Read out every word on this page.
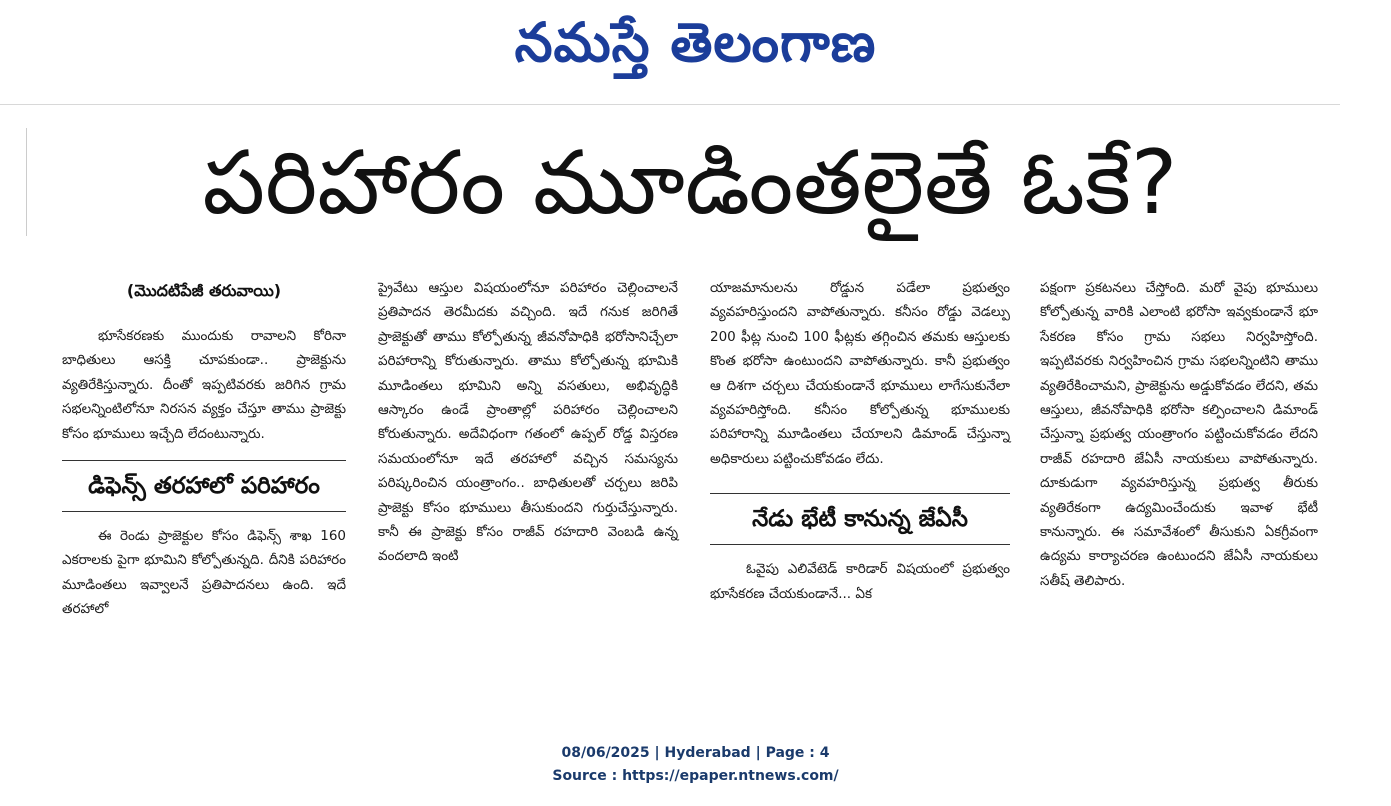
నమస్తే తెలంగాణ
పరిహారం మూడింతలైతే ఓకే?
(మొదటిపేజీ తరువాయి)

భూసేకరణకు ముందుకు రావాలని కోరినా బాధితులు ఆసక్తి చూపకుండా.. ప్రాజెక్టును వ్యతిరేకిస్తున్నారు. దీంతో ఇప్పటివరకు జరిగిన గ్రామ సభలన్నింటిలోనూ నిరసన వ్యక్తం చేస్తూ తాము ప్రాజెక్టు కోసం భూములు ఇచ్చేది లేదంటున్నారు.

డిఫెన్స్ తరహాలో పరిహారం

ఈ రెండు ప్రాజెక్టుల కోసం డిఫెన్స్ శాఖ 160 ఎకరాలకు పైగా భూమిని కోల్పోతున్నది. దీనికి పరిహారం మూడింతలు ఇవ్వాలనే ప్రతిపాదనలు ఉంది. ఇదే తరహాలో

ప్రైవేటు ఆస్తుల విషయంలోనూ పరిహారం చెల్లించాలనే ప్రతిపాదన తెరమీదకు వచ్చింది. ఇదే గనుక జరిగితే ప్రాజెక్టుతో తాము కోల్పోతున్న జీవనోపాధికి భరోసానిచ్చేలా పరిహారాన్ని కోరుతున్నారు. తాము కోల్పోతున్న భూమికి మూడింతలు భూమిని అన్ని వసతులు, అభివృద్ధికి ఆస్కారం ఉండే ప్రాంతాల్లో పరిహారం చెల్లించాలని కోరుతున్నారు. అదేవిధంగా గతంలో ఉప్పల్ రోడ్డ విస్తరణ సమయంలోనూ ఇదే తరహాలో వచ్చిన సమస్యను పరిష్కరించిన యంత్రాంగం.. బాధితులతో చర్చలు జరిపి ప్రాజెక్టు కోసం భూములు తీసుకుందని గుర్తుచేస్తున్నారు. కానీ ఈ ప్రాజెక్టు కోసం రాజీవ్ రహదారి వెంబడి ఉన్న వందలాది ఇంటి

యాజమానులను రోడ్డున పడేలా ప్రభుత్వం వ్యవహరిస్తుందని వాపోతున్నారు. కనీసం రోడ్డు వెడల్పు 200 ఫీట్ల నుంచి 100 ఫీట్లకు తగ్గించిన తమకు ఆస్తులకు కొంత భరోసా ఉంటుందని వాపోతున్నారు. కానీ ప్రభుత్వం ఆ దిశగా చర్చలు చేయకుండానే భూములు లాగేసుకునేలా వ్యవహరిస్తోంది. కనీసం కోల్పోతున్న భూములకు పరిహారాన్ని మూడింతలు చేయాలని డిమాండ్ చేస్తున్నా అధికారులు పట్టించుకోవడం లేదు.

నేడు భేటీ కానున్న జేఏసీ

ఓవైపు ఎలివేటెడ్ కారిడార్ విషయంలో ప్రభుత్వం భూసేకరణ చేయకుండానే... ఏక

పక్షంగా ప్రకటనలు చేస్తోంది. మరో వైపు భూములు కోల్పోతున్న వారికి ఎలాంటి భరోసా ఇవ్వకుండానే భూ సేకరణ కోసం గ్రామ సభలు నిర్వహిస్తోంది. ఇప్పటివరకు నిర్వహించిన గ్రామ సభలన్నింటిని తాము వ్యతిరేకించామని, ప్రాజెక్టును అడ్డుకోవడం లేదని, తమ ఆస్తులు, జీవనోపాధికి భరోసా కల్పించాలని డిమాండ్ చేస్తున్నా ప్రభుత్వ యంత్రాంగం పట్టించుకోవడం లేదని రాజీవ్ రహదారి జేఏసీ నాయకులు వాపోతున్నారు. దూకుడుగా వ్యవహరిస్తున్న ప్రభుత్వ తీరుకు వ్యతిరేకంగా ఉద్యమించేందుకు ఇవాళ భేటీ కానున్నారు. ఈ సమావేశంలో తీసుకుని ఏకగ్రీవంగా ఉద్యమ కార్యాచరణ ఉంటుందని జేఏసీ నాయకులు సతీష్ తెలిపారు.

08/06/2025 | Hyderabad | Page : 4
Source : https://epaper.ntnews.com/
